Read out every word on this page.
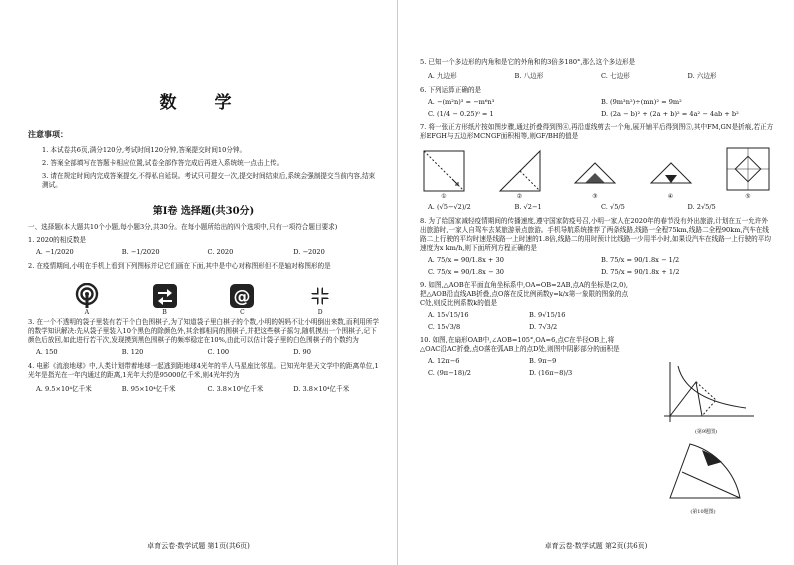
数 学
注意事项：

1. 本试卷共6页,满分120分,考试时间120分钟,答案提交时间10分钟。

2. 答案全部填写在答题卡相应位置,试卷全部作答完成后再进入系统统一点击上传。

3. 请在规定时间内完成答案提交,不得私自延误。考试只可提交一次,提交时间结束后,系统会强制提交当前内容,结束测试。

第Ⅰ卷 选择题(共30分)
一、选择题(本大题共10个小题,每小题3分,共30分。在每小题所给出的四个选项中,只有一项符合题目要求)
1. 2020的相反数是
A. −1/2020	B. −1/2020	C. 2020	D. −2020
2. 在疫情期间,小明在手机上看到下列图标并记它们画在下面,其中是中心对称图形但不是轴对称图形的是
A	B
@
C	D
3. 在一个不透明的袋子里装有若干个白色围棋子,为了知道袋子里白棋子的个数,小明的妈妈不让小明倒出来数,而利用所学的数学知识解决:先从袋子里装入10个黑色的除颜色外,其余都相同的围棋子,并把这些棋子摇匀,随机摸出一个围棋子,记下颜色后放回,如此进行若干次,发现摸到黑色围棋子的频率稳定在10%,由此可以估计袋子里的白色围棋子的个数约为
A. 150	B. 120	C. 100	D. 90
4. 电影《流浪地球》中,人类计划带着地球一起逃到距地球4光年的半人马星座比邻星。已知光年是天文学中的距离单位,1光年是指光在一年内通过的距离,1光年大约是95000亿千米,则4光年约为
A. 9.5×10⁴亿千米	B. 95×10⁴亿千米	C. 3.8×10⁵亿千米	D. 3.8×10⁴亿千米
卓育云卷·数学试题 第1页(共6页)
5. 已知一个多边形的内角和是它的外角和的3倍多180°,那么这个多边形是
A. 九边形	B. 八边形	C. 七边形	D. 六边形
6. 下列运算正确的是
A. −(m²n)³ = −m⁶n³	B. (9m³n²)÷(mn)² = 9m²
C. (1/4 − 0.25)⁰ = 1	D. (2a − b)² + (2a + b)² = 4a² − 4ab + b²
7. 将一张正方形纸片按如图步骤,通过折叠得到图④,再沿虚线剪去一个角,展开铺平后得到图⑤,其中FM,GN是折痕,若正方形EFGH与五边形MCNGF面积相等,则GF/BH的值是
①	②	③	④	⑤
A. (√5−√2)/2	B. √2−1	C. √5/5	D. 2√5/5
8. 为了给国家减轻疫情期间的传播速度,遵守国家防疫号召,小明一家人在2020年的春节没有外出旅游,计划在五一允许外出旅游时,一家人自驾车去某旅游景点旅游。手机导航系统推荐了两条线路,线路一全程75km,线路二全程90km,汽车在线路二上行驶的平均时速是线路一上时速的1.8倍,线路二的用时预计比线路一少用半小时,如果设汽车在线路一上行驶的平均速度为x km/h,则下面所列方程正确的是
A. 75/x = 90/1.8x + 30	B. 75/x = 90/1.8x − 1/2
C. 75/x = 90/1.8x − 30	D. 75/x = 90/1.8x + 1/2
9. 如图,△AOB在平面直角坐标系中,OA=OB=2AB,点A的坐标是(2,0),把△AOB沿直线AB折叠,点O落在反比例函数y=k/x第一象限的图象的点C处,则反比例系数k的值是
A. 15√15/16	B. 9√15/16
C. 15√3/8	D. 7√3/2
(第9题图)
10. 如图,在扇形OAB中,∠AOB=105°,OA=6,点C在半径OB上,将△OAC沿AC折叠,点O落在弧AB上的点D处,则图中阴影部分的面积是
A. 12π−6	B. 9π−9
C. (9π−18)/2	D. (16π−8)/3
(第10题图)
卓育云卷·数学试题 第2页(共6页)
